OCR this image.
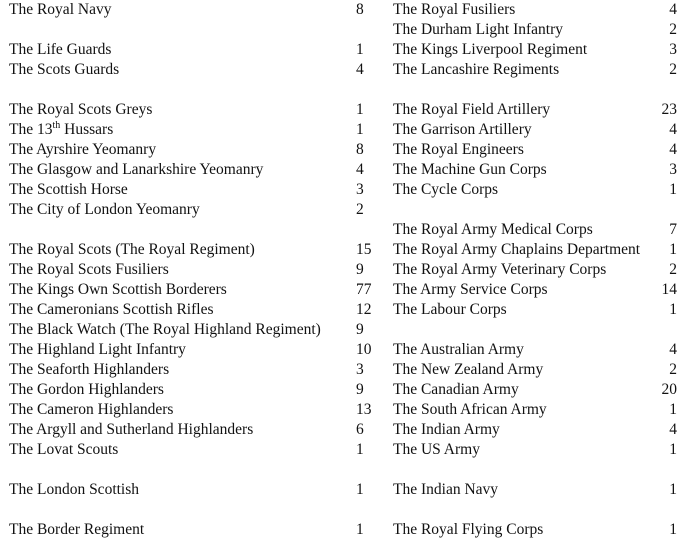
The Royal Navy	8
The Life Guards	1
The Scots Guards	4
The Royal Scots Greys	1
The 13th Hussars	1
The Ayrshire Yeomanry	8
The Glasgow and Lanarkshire Yeomanry	4
The Scottish Horse	3
The City of London Yeomanry	2
The Royal Scots (The Royal Regiment)	15
The Royal Scots Fusiliers	9
The Kings Own Scottish Borderers	77
The Cameronians Scottish Rifles	12
The Black Watch (The Royal Highland Regiment) 9
The Highland Light Infantry	10
The Seaforth Highlanders	3
The Gordon Highlanders	9
The Cameron Highlanders	13
The Argyll and Sutherland Highlanders	6
The Lovat Scouts	1
The London Scottish	1
The Border Regiment	1
The Royal Fusiliers	4
The Durham Light Infantry	2
The Kings Liverpool Regiment	3
The Lancashire Regiments	2
The Royal Field Artillery	23
The Garrison Artillery	4
The Royal Engineers	4
The Machine Gun Corps	3
The Cycle Corps	1
The Royal Army Medical Corps	7
The Royal Army Chaplains Department 1
The Royal Army Veterinary Corps	2
The Army Service Corps	14
The Labour Corps	1
The Australian Army	4
The New Zealand Army	2
The Canadian Army	20
The South African Army	1
The Indian Army	4
The US Army	1
The Indian Navy	1
The Royal Flying Corps	1
